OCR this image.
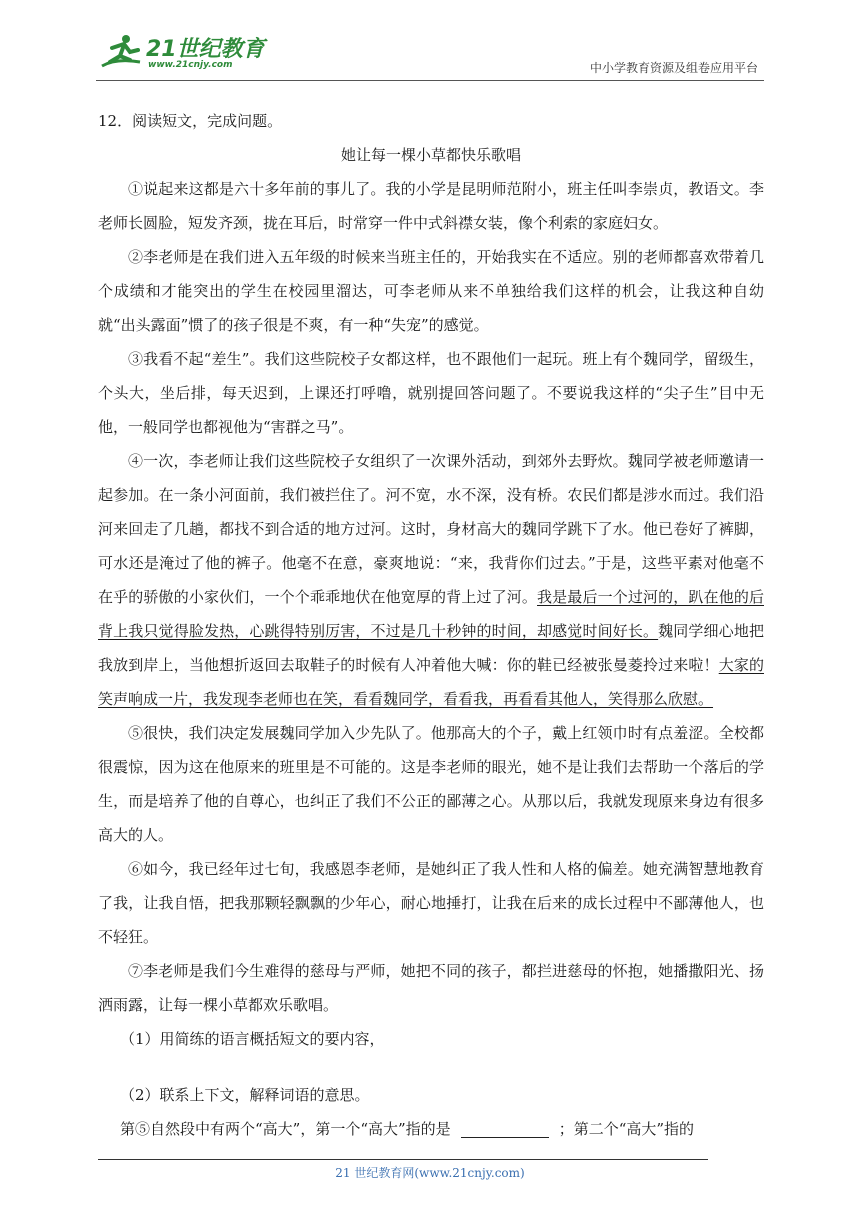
21世纪教育
www.21cnjy.com	中小学教育资源及组卷应用平台

12．阅读短文，完成问题。

她让每一棵小草都快乐歌唱

①说起来这都是六十多年前的事儿了。我的小学是昆明师范附小，班主任叫李崇贞，教语文。李老师长圆脸，短发齐颈，拢在耳后，时常穿一件中式斜襟女装，像个利索的家庭妇女。

②李老师是在我们进入五年级的时候来当班主任的，开始我实在不适应。别的老师都喜欢带着几个成绩和才能突出的学生在校园里溜达，可李老师从来不单独给我们这样的机会，让我这种自幼就“出头露面”惯了的孩子很是不爽，有一种“失宠”的感觉。

③我看不起“差生”。我们这些院校子女都这样，也不跟他们一起玩。班上有个魏同学，留级生，个头大，坐后排，每天迟到，上课还打呼噜，就别提回答问题了。不要说我这样的“尖子生”目中无他，一般同学也都视他为“害群之马”。

④一次，李老师让我们这些院校子女组织了一次课外活动，到郊外去野炊。魏同学被老师邀请一起参加。在一条小河面前，我们被拦住了。河不宽，水不深，没有桥。农民们都是涉水而过。我们沿河来回走了几趟，都找不到合适的地方过河。这时，身材高大的魏同学跳下了水。他已卷好了裤脚，可水还是淹过了他的裤子。他毫不在意，豪爽地说：“来，我背你们过去。”于是，这些平素对他毫不在乎的骄傲的小家伙们，一个个乖乖地伏在他宽厚的背上过了河。我是最后一个过河的，趴在他的后背上我只觉得脸发热，心跳得特别厉害，不过是几十秒钟的时间，却感觉时间好长。魏同学细心地把我放到岸上，当他想折返回去取鞋子的时候有人冲着他大喊：你的鞋已经被张曼菱拎过来啦！大家的笑声响成一片，我发现李老师也在笑，看看魏同学，看看我，再看看其他人，笑得那么欣慰。

⑤很快，我们决定发展魏同学加入少先队了。他那高大的个子，戴上红领巾时有点羞涩。全校都很震惊，因为这在他原来的班里是不可能的。这是李老师的眼光，她不是让我们去帮助一个落后的学生，而是培养了他的自尊心，也纠正了我们不公正的鄙薄之心。从那以后，我就发现原来身边有很多高大的人。

⑥如今，我已经年过七旬，我感恩李老师，是她纠正了我人性和人格的偏差。她充满智慧地教育了我，让我自悟，把我那颗轻飘飘的少年心，耐心地捶打，让我在后来的成长过程中不鄙薄他人，也不轻狂。

⑦李老师是我们今生难得的慈母与严师，她把不同的孩子，都拦进慈母的怀抱，她播撒阳光、扬洒雨露，让每一棵小草都欢乐歌唱。

（1）用简练的语言概括短文的要内容，

（2）联系上下文，解释词语的意思。

第⑤自然段中有两个“高大”，第一个“高大”指的是	；第二个“高大”指的

21 世纪教育网(www.21cnjy.com)
